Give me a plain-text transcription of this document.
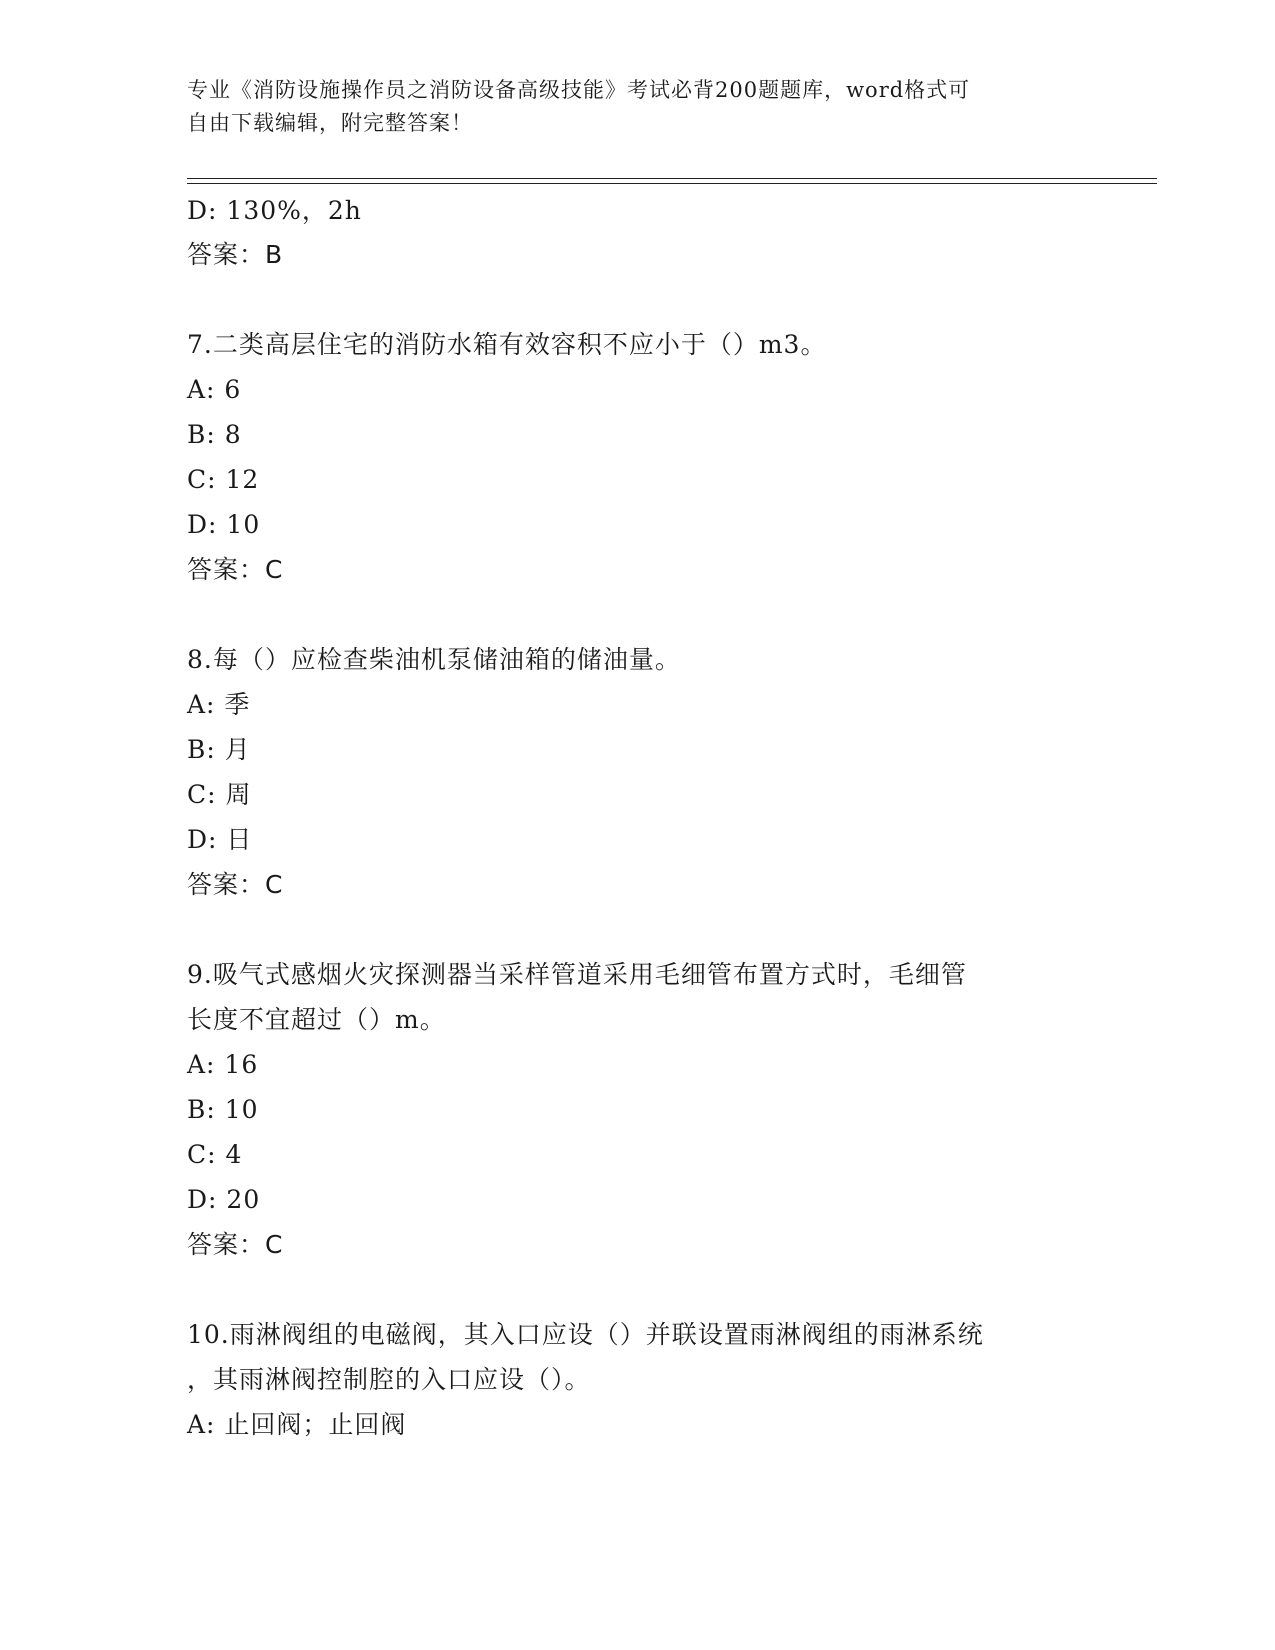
专业《消防设施操作员之消防设备高级技能》考试必背200题题库，word格式可
自由下载编辑，附完整答案！
D: 130%，2h
答案：B
7.二类高层住宅的消防水箱有效容积不应小于（）m3。
A: 6
B: 8
C: 12
D: 10
答案：C
8.每（）应检查柴油机泵储油箱的储油量。
A: 季
B: 月
C: 周
D: 日
答案：C
9.吸气式感烟火灾探测器当采样管道采用毛细管布置方式时，毛细管
长度不宜超过（）m。
A: 16
B: 10
C: 4
D: 20
答案：C
10.雨淋阀组的电磁阀，其入口应设（）并联设置雨淋阀组的雨淋系统
，其雨淋阀控制腔的入口应设（）。
A: 止回阀；止回阀
